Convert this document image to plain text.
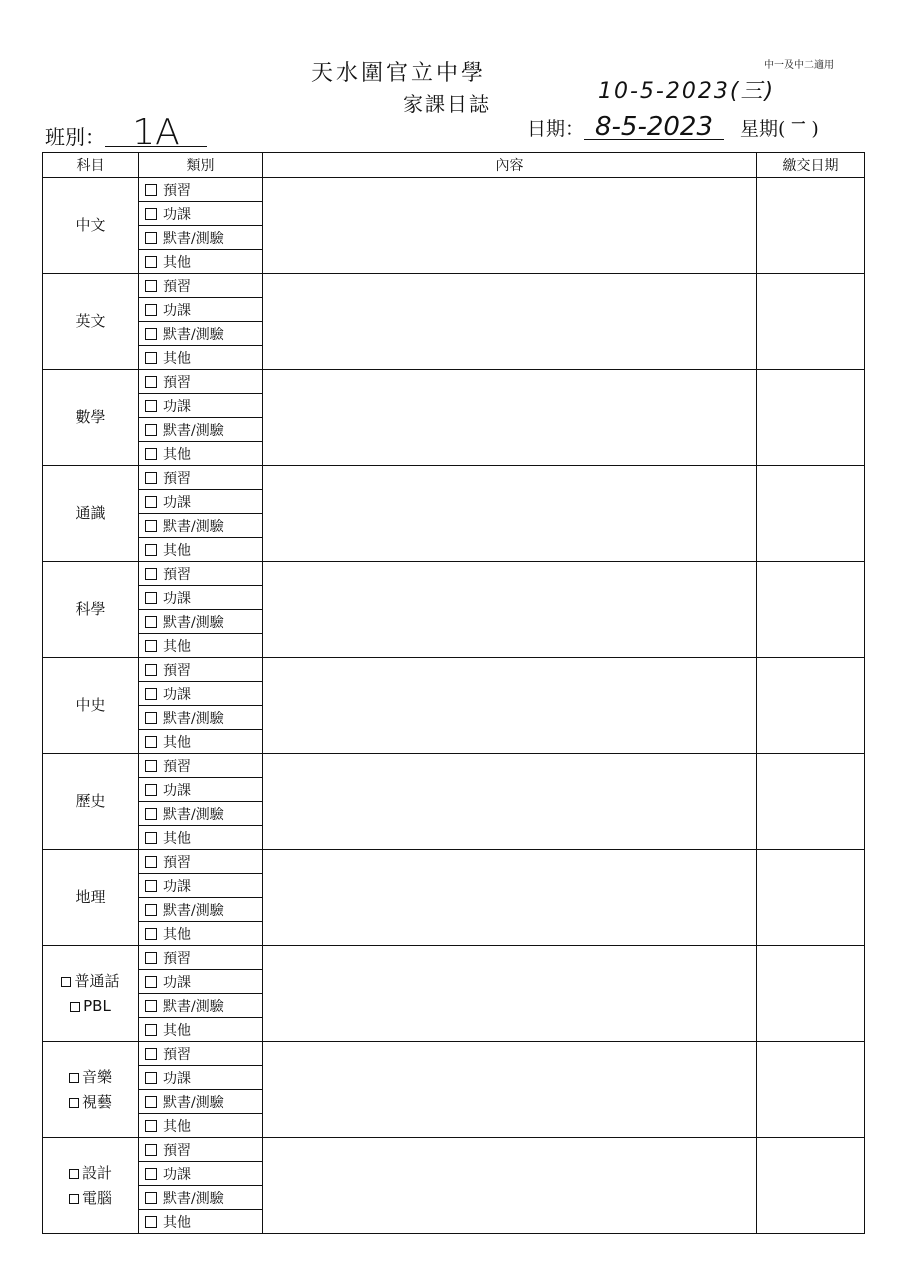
天水圍官立中學
家課日誌
中一及中二適用
10-5-2023(三)
班別： 1A	日期： 8-5-2023	星期( 一 )
科目	類別	內容	繳交日期

中文	預習		
	功課		
	默書/測驗		
	其他		

英文	預習		
	功課		
	默書/測驗		
	其他		

數學	預習		
	功課		
	默書/測驗		
	其他		

通識	預習		
	功課		
	默書/測驗		
	其他		

科學	預習		
	功課		
	默書/測驗		
	其他		

中史	預習		
	功課		
	默書/測驗		
	其他		

歷史	預習		
	功課		
	默書/測驗		
	其他		

地理	預習		
	功課		
	默書/測驗		
	其他		

普通話
PBL	預習		
	功課		
	默書/測驗		
	其他		

音樂
視藝	預習		
	功課		
	默書/測驗		
	其他		

設計
電腦	預習		
	功課		
	默書/測驗		
	其他		
